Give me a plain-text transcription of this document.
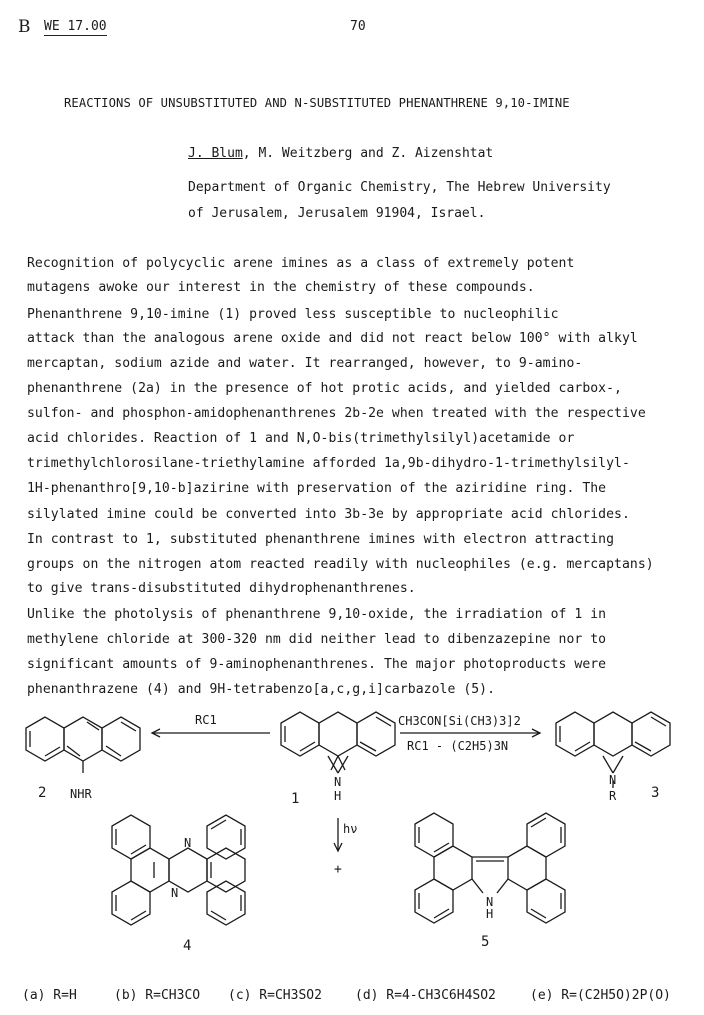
B WE 17.00	70
REACTIONS OF UNSUBSTITUTED AND N-SUBSTITUTED PHENANTHRENE 9,10-IMINE
J. Blum, M. Weitzberg and Z. Aizenshtat
Department of Organic Chemistry, The Hebrew University
of Jerusalem, Jerusalem 91904, Israel.
Recognition of polycyclic arene imines as a class of extremely potent
mutagens awoke our interest in the chemistry of these compounds.
Phenanthrene 9,10-imine (1) proved less susceptible to nucleophilic
attack than the analogous arene oxide and did not react below 100° with alkyl
mercaptan, sodium azide and water. It rearranged, however, to 9-amino-
phenanthrene (2a) in the presence of hot protic acids, and yielded carbox-,
sulfon- and phosphon-amidophenanthrenes 2b-2e when treated with the respective
acid chlorides. Reaction of 1 and N,O-bis(trimethylsilyl)acetamide or
trimethylchlorosilane-triethylamine afforded 1a,9b-dihydro-1-trimethylsilyl-
1H-phenanthro[9,10-b]azirine with preservation of the aziridine ring. The
silylated imine could be converted into 3b-3e by appropriate acid chlorides.
In contrast to 1, substituted phenanthrene imines with electron attracting
groups on the nitrogen atom reacted readily with nucleophiles (e.g. mercaptans)
to give trans-disubstituted dihydrophenanthrenes.
Unlike the photolysis of phenanthrene 9,10-oxide, the irradiation of 1 in
methylene chloride at 300-320 nm did neither lead to dibenzazepine nor to
significant amounts of 9-aminophenanthrenes. The major photoproducts were
phenanthrazene (4) and 9H-tetrabenzo[a,c,g,i]carbazole (5).
RC1	CH3CON[Si(CH3)3]2
RC1 - (C2H5)3N
2 NHR	1
N
H	3
N
R
hν
+
N
N
4
N
H
5
(a) R=H	(b) R=CH3CO (c) R=CH3SO2	(d) R=4-CH3C6H4SO2	(e) R=(C2H5O)2P(O)
